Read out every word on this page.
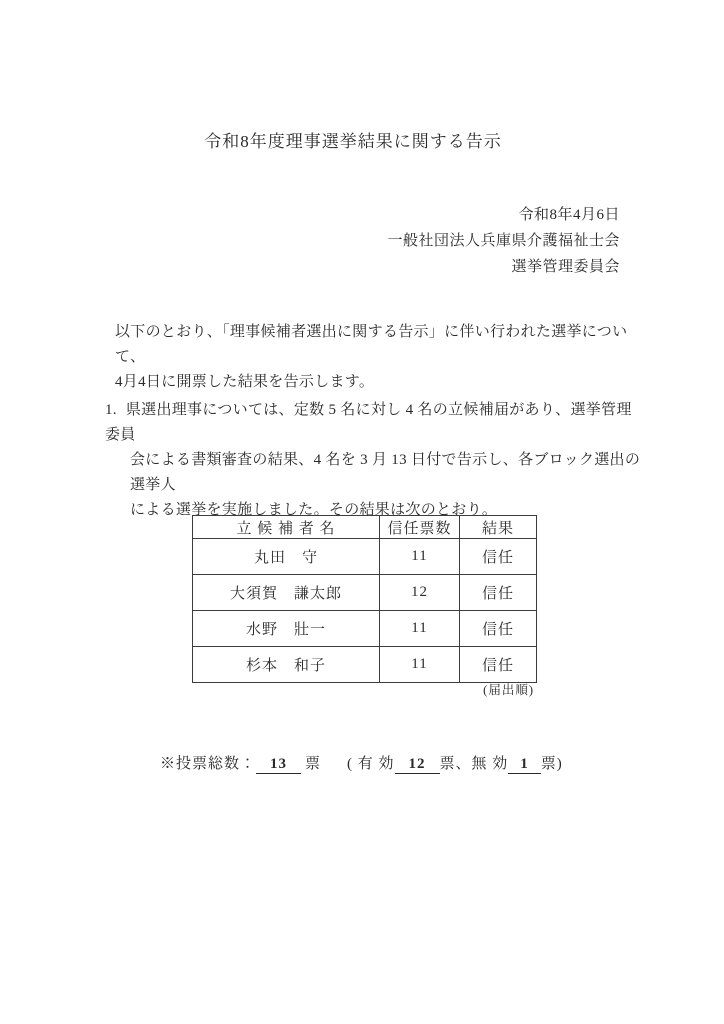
令和8年度理事選挙結果に関する告示
令和8年4月6日
一般社団法人兵庫県介護福祉士会
選挙管理委員会
以下のとおり、「理事候補者選出に関する告示」に伴い行われた選挙について、
4月4日に開票した結果を告示します。
1. 県選出理事については、定数 5 名に対し 4 名の立候補届があり、選挙管理委員
会による書類審査の結果、4 名を 3 月 13 日付で告示し、各ブロック選出の選挙人
による選挙を実施しました。その結果は次のとおり。
立 候 補 者 名	信任票数	結果
丸田　守	11	信任
大須賀　謙太郎	12	信任
水野　壯一	11	信任
杉本　和子	11	信任
(届出順)
※投票総数： 13 票 ( 有 効 12 票、無 効 1 票)
